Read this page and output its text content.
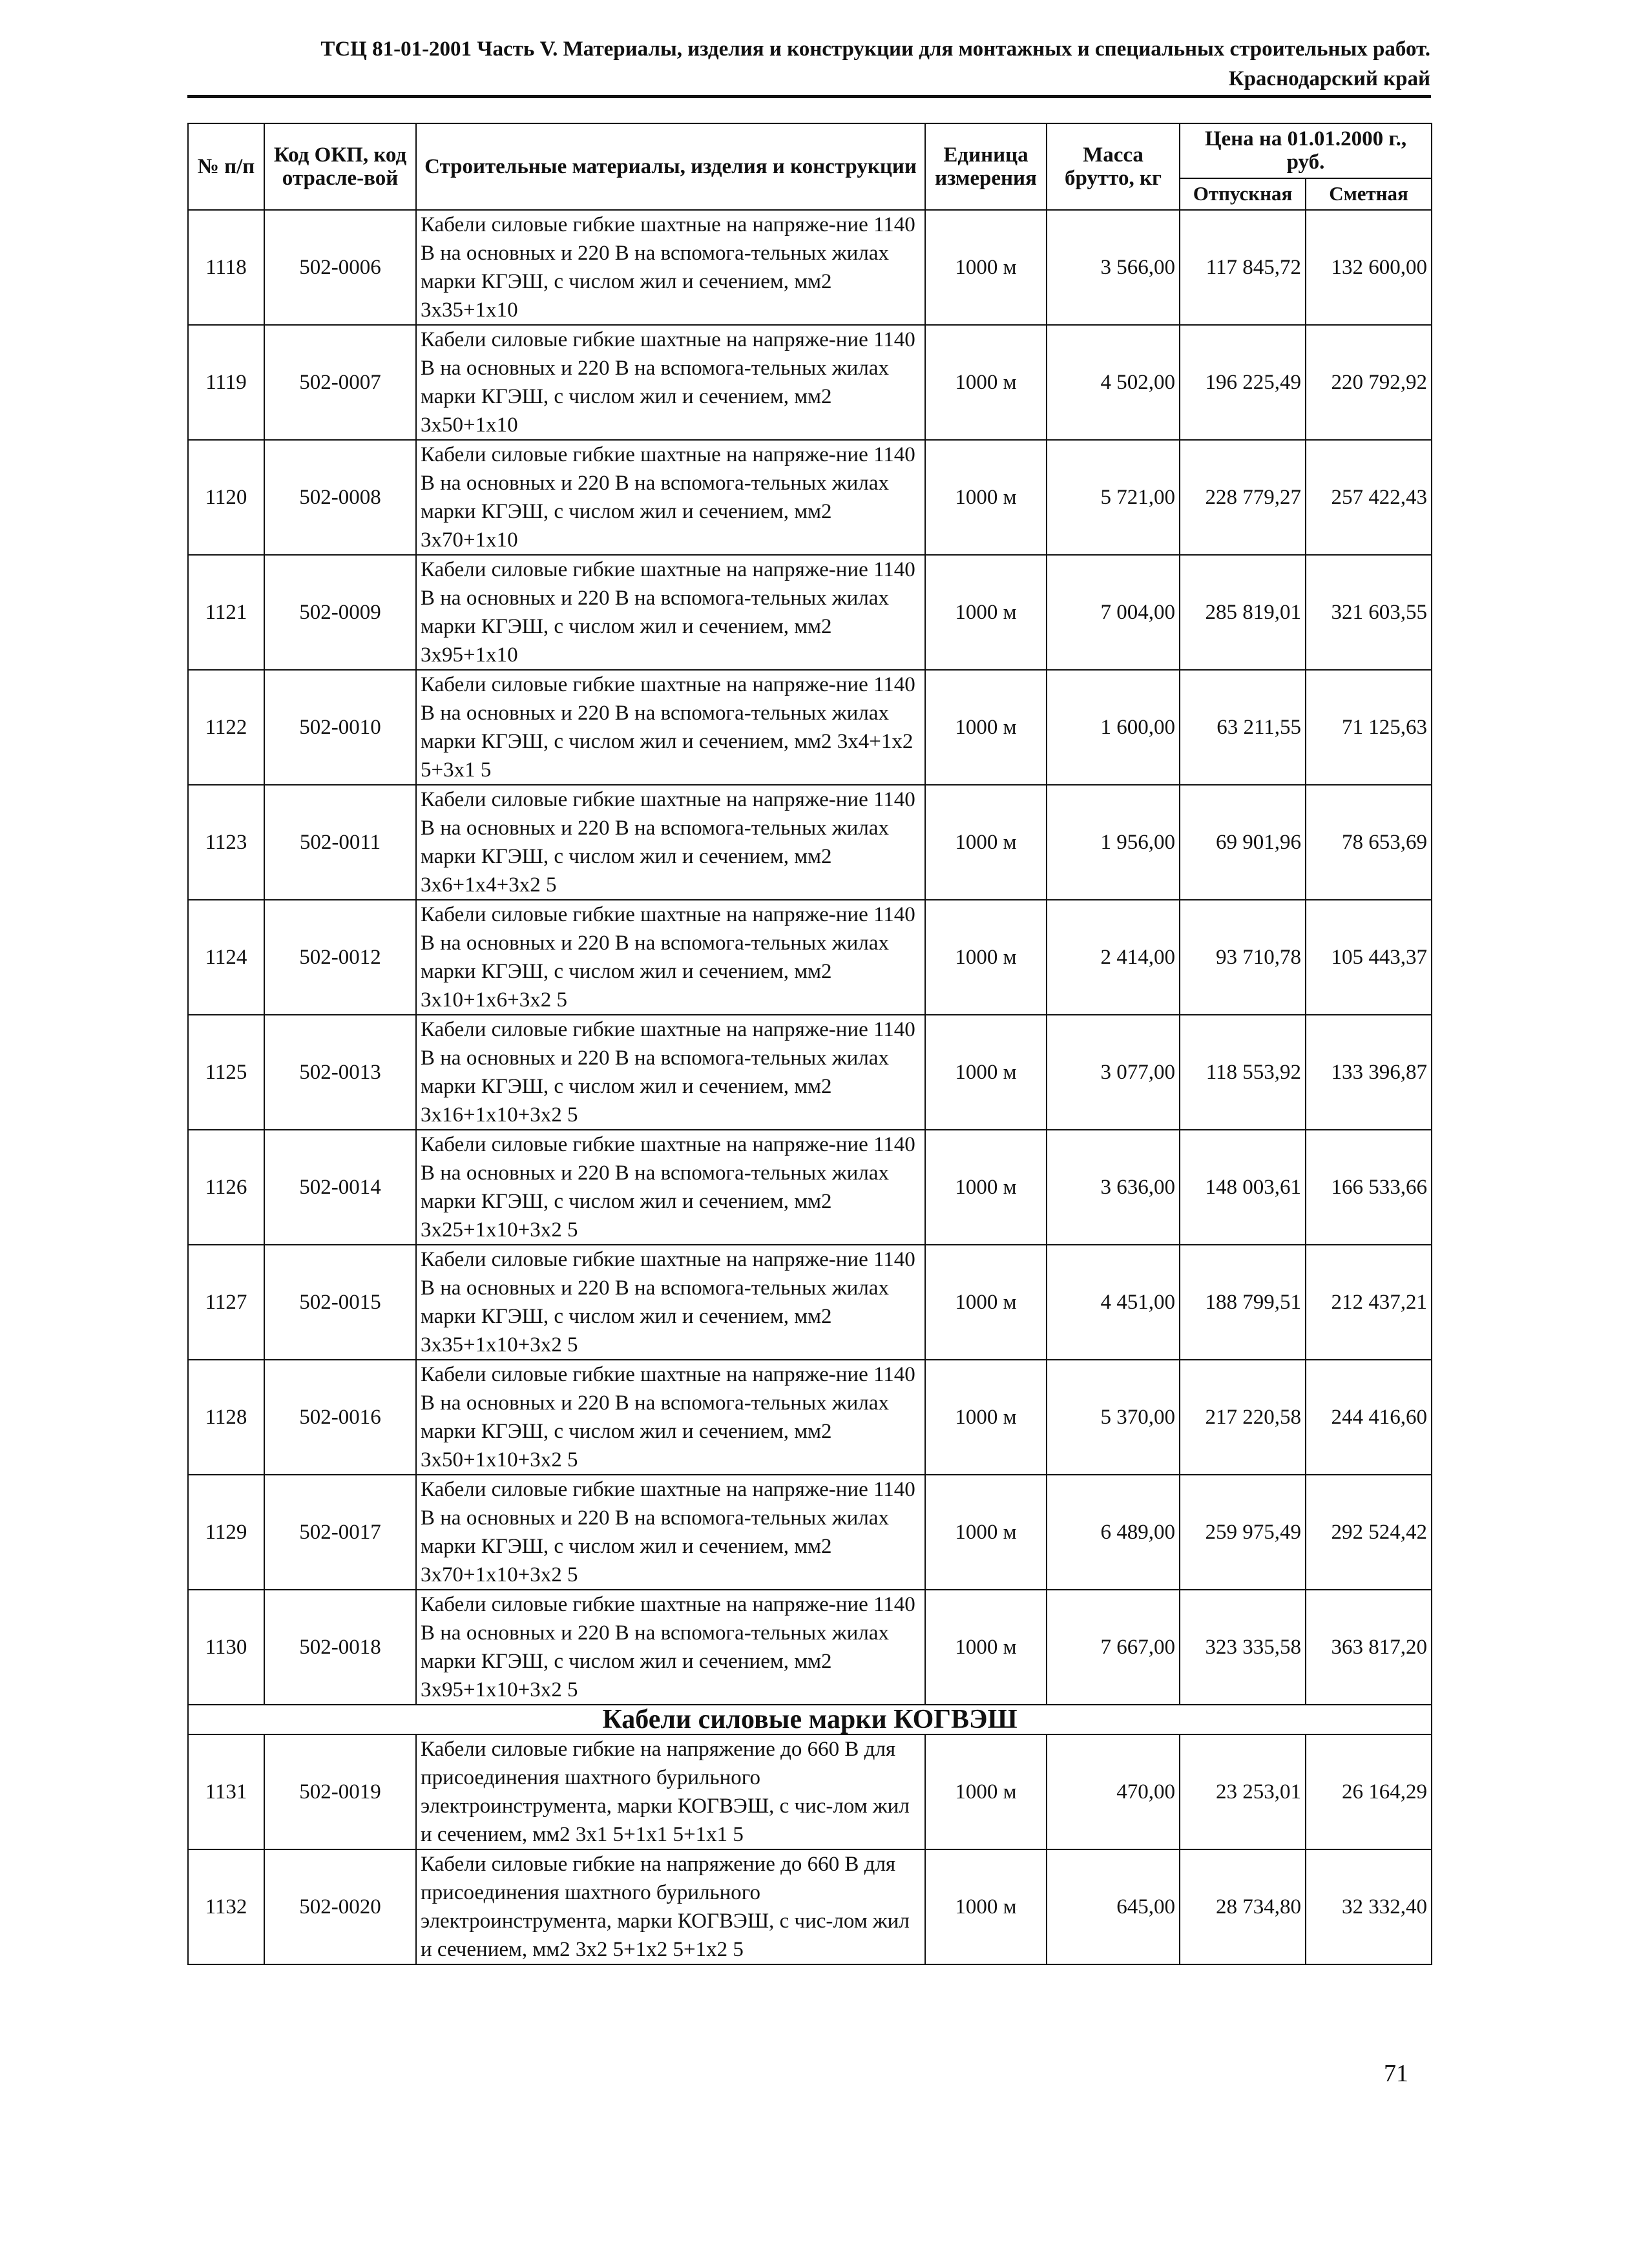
ТСЦ 81-01-2001 Часть V. Материалы, изделия и конструкции для монтажных и специальных строительных работ.
Краснодарский край
№ п/п	Код ОКП, код отрасле-вой	Строительные материалы, изделия и конструкции	Единица измерения	Масса брутто, кг	Цена на 01.01.2000 г., руб.	
					Отпускная	Сметная
1118	502-0006	Кабели силовые гибкие шахтные на напряже-ние 1140 В на основных и 220 В на вспомога-тельных жилах марки КГЭШ, с числом жил и сечением, мм2 3х35+1х10	1000 м	3 566,00	117 845,72	132 600,00
1119	502-0007	Кабели силовые гибкие шахтные на напряже-ние 1140 В на основных и 220 В на вспомога-тельных жилах марки КГЭШ, с числом жил и сечением, мм2 3х50+1х10	1000 м	4 502,00	196 225,49	220 792,92
1120	502-0008	Кабели силовые гибкие шахтные на напряже-ние 1140 В на основных и 220 В на вспомога-тельных жилах марки КГЭШ, с числом жил и сечением, мм2 3х70+1х10	1000 м	5 721,00	228 779,27	257 422,43
1121	502-0009	Кабели силовые гибкие шахтные на напряже-ние 1140 В на основных и 220 В на вспомога-тельных жилах марки КГЭШ, с числом жил и сечением, мм2 3х95+1х10	1000 м	7 004,00	285 819,01	321 603,55
1122	502-0010	Кабели силовые гибкие шахтные на напряже-ние 1140 В на основных и 220 В на вспомога-тельных жилах марки КГЭШ, с числом жил и сечением, мм2 3х4+1х2 5+3х1 5	1000 м	1 600,00	63 211,55	71 125,63
1123	502-0011	Кабели силовые гибкие шахтные на напряже-ние 1140 В на основных и 220 В на вспомога-тельных жилах марки КГЭШ, с числом жил и сечением, мм2 3х6+1х4+3х2 5	1000 м	1 956,00	69 901,96	78 653,69
1124	502-0012	Кабели силовые гибкие шахтные на напряже-ние 1140 В на основных и 220 В на вспомога-тельных жилах марки КГЭШ, с числом жил и сечением, мм2 3х10+1х6+3х2 5	1000 м	2 414,00	93 710,78	105 443,37
1125	502-0013	Кабели силовые гибкие шахтные на напряже-ние 1140 В на основных и 220 В на вспомога-тельных жилах марки КГЭШ, с числом жил и сечением, мм2 3х16+1х10+3х2 5	1000 м	3 077,00	118 553,92	133 396,87
1126	502-0014	Кабели силовые гибкие шахтные на напряже-ние 1140 В на основных и 220 В на вспомога-тельных жилах марки КГЭШ, с числом жил и сечением, мм2 3х25+1х10+3х2 5	1000 м	3 636,00	148 003,61	166 533,66
1127	502-0015	Кабели силовые гибкие шахтные на напряже-ние 1140 В на основных и 220 В на вспомога-тельных жилах марки КГЭШ, с числом жил и сечением, мм2 3х35+1х10+3х2 5	1000 м	4 451,00	188 799,51	212 437,21
1128	502-0016	Кабели силовые гибкие шахтные на напряже-ние 1140 В на основных и 220 В на вспомога-тельных жилах марки КГЭШ, с числом жил и сечением, мм2 3х50+1х10+3х2 5	1000 м	5 370,00	217 220,58	244 416,60
1129	502-0017	Кабели силовые гибкие шахтные на напряже-ние 1140 В на основных и 220 В на вспомога-тельных жилах марки КГЭШ, с числом жил и сечением, мм2 3х70+1х10+3х2 5	1000 м	6 489,00	259 975,49	292 524,42
1130	502-0018	Кабели силовые гибкие шахтные на напряже-ние 1140 В на основных и 220 В на вспомога-тельных жилах марки КГЭШ, с числом жил и сечением, мм2 3х95+1х10+3х2 5	1000 м	7 667,00	323 335,58	363 817,20
Кабели силовые марки КОГВЭШ						
1131	502-0019	Кабели силовые гибкие на напряжение до 660 В для присоединения шахтного бурильного электроинструмента, марки КОГВЭШ, с чис-лом жил и сечением, мм2 3х1 5+1х1 5+1х1 5	1000 м	470,00	23 253,01	26 164,29
1132	502-0020	Кабели силовые гибкие на напряжение до 660 В для присоединения шахтного бурильного электроинструмента, марки КОГВЭШ, с чис-лом жил и сечением, мм2 3х2 5+1х2 5+1х2 5	1000 м	645,00	28 734,80	32 332,40
71
